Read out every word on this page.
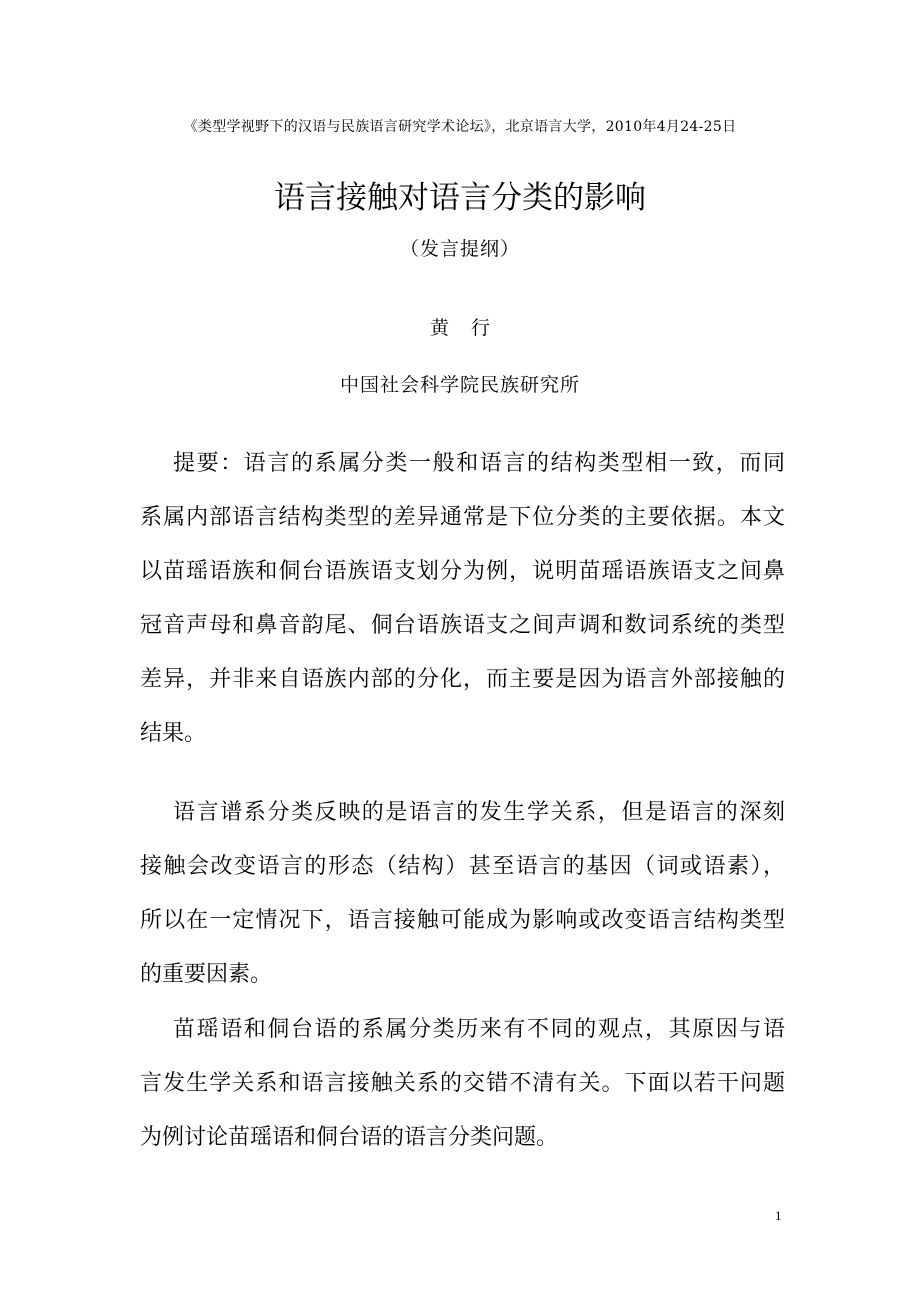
《类型学视野下的汉语与民族语言研究学术论坛》，北京语言大学，2010年4月24-25日
语言接触对语言分类的影响
（发言提纲）
黄行
中国社会科学院民族研究所
提要：语言的系属分类一般和语言的结构类型相一致，而同
系属内部语言结构类型的差异通常是下位分类的主要依据。本文
以苗瑶语族和侗台语族语支划分为例，说明苗瑶语族语支之间鼻
冠音声母和鼻音韵尾、侗台语族语支之间声调和数词系统的类型
差异，并非来自语族内部的分化，而主要是因为语言外部接触的
结果。
语言谱系分类反映的是语言的发生学关系，但是语言的深刻
接触会改变语言的形态（结构）甚至语言的基因（词或语素），
所以在一定情况下，语言接触可能成为影响或改变语言结构类型
的重要因素。
苗瑶语和侗台语的系属分类历来有不同的观点，其原因与语
言发生学关系和语言接触关系的交错不清有关。下面以若干问题
为例讨论苗瑶语和侗台语的语言分类问题。
1
